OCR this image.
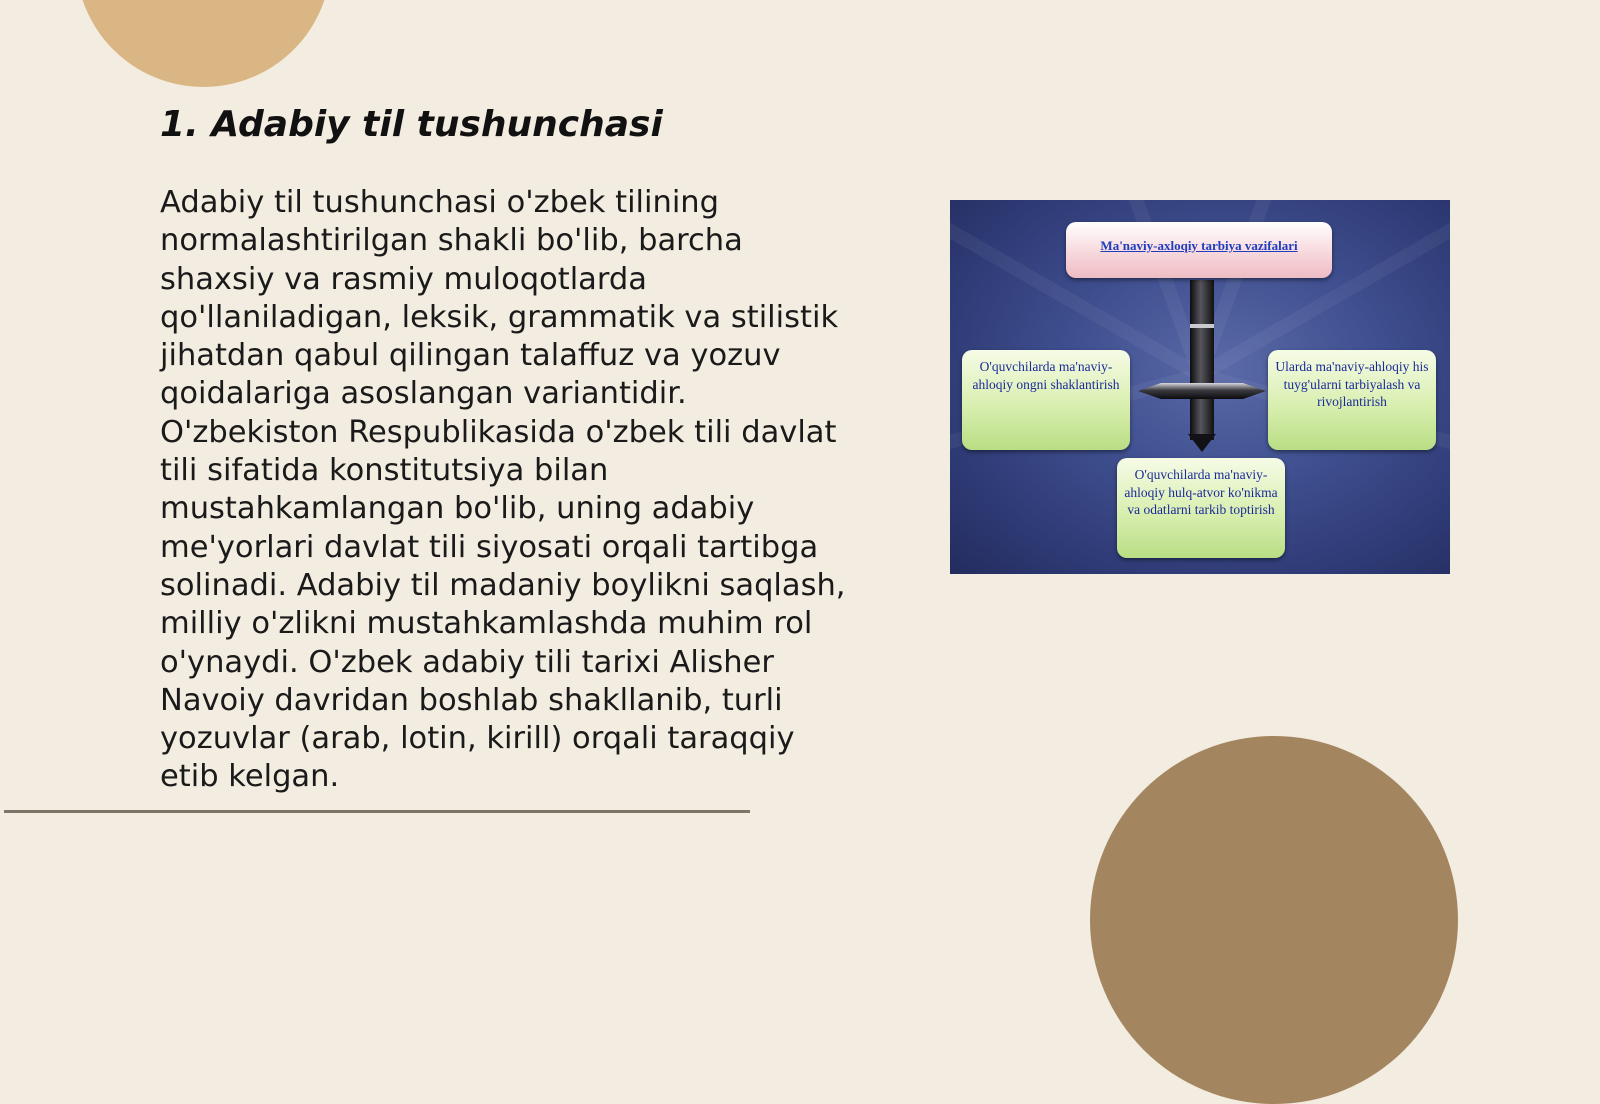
1. Adabiy til tushunchasi

Adabiy til tushunchasi o'zbek tilining normalashtirilgan shakli bo'lib, barcha shaxsiy va rasmiy muloqotlarda qo'llaniladigan, leksik, grammatik va stilistik jihatdan qabul qilingan talaffuz va yozuv qoidalariga asoslangan variantidir. O'zbekiston Respublikasida o'zbek tili davlat tili sifatida konstitutsiya bilan mustahkamlangan bo'lib, uning adabiy me'yorlari davlat tili siyosati orqali tartibga solinadi. Adabiy til madaniy boylikni saqlash, milliy o'zlikni mustahkamlashda muhim rol o'ynaydi. O'zbek adabiy tili tarixi Alisher Navoiy davridan boshlab shakllanib, turli yozuvlar (arab, lotin, kirill) orqali taraqqiy etib kelgan.

Ma'naviy-axloqiy tarbiya vazifalari
O'quvchilarda ma'naviy-ahloqiy ongni shaklantirish
Ularda ma'naviy-ahloqiy his tuyg'ularni tarbiyalash va rivojlantirish
O'quvchilarda ma'naviy-ahloqiy hulq-atvor ko'nikma va odatlarni tarkib toptirish
